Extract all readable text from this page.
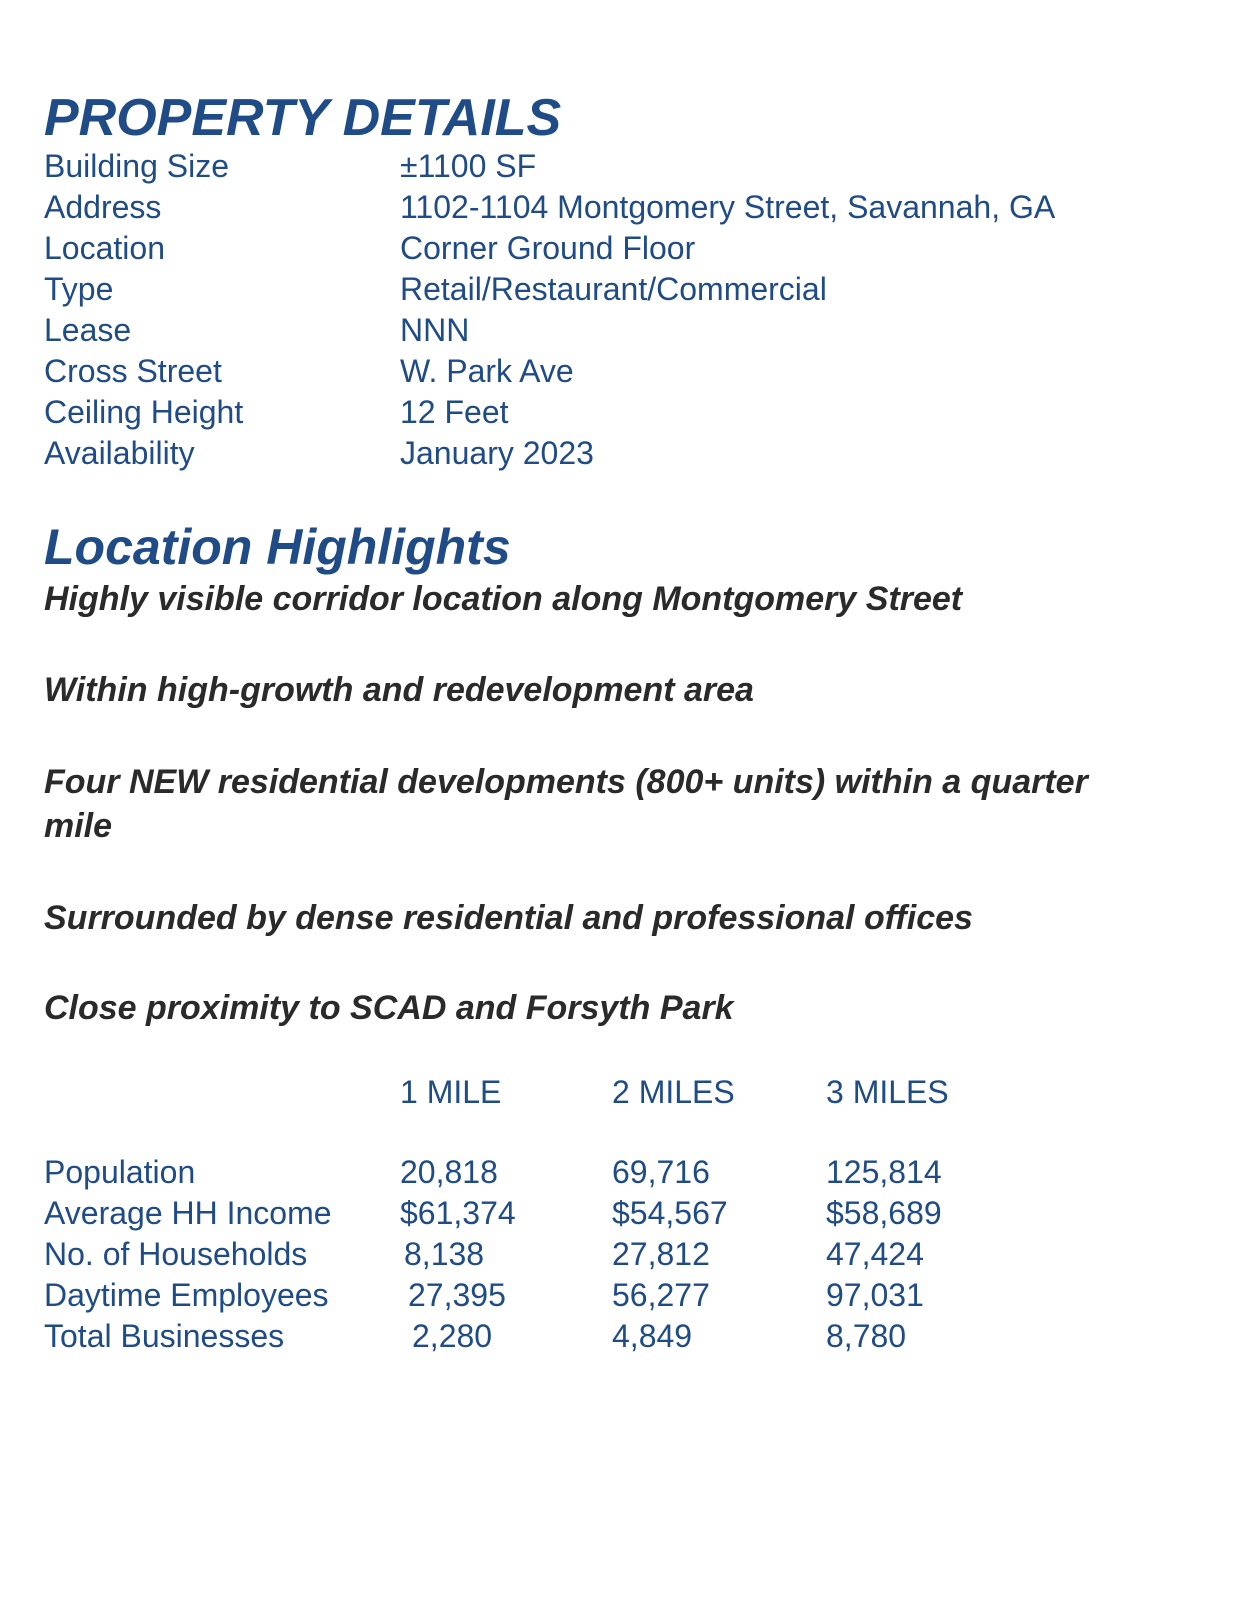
PROPERTY DETAILS
Building Size	±1100 SF
Address	1102-1104 Montgomery Street, Savannah, GA
Location	Corner Ground Floor
Type	Retail/Restaurant/Commercial
Lease	NNN
Cross Street	W. Park Ave
Ceiling Height	12 Feet
Availability	January 2023
Location Highlights

Highly visible corridor location along Montgomery Street

Within high-growth and redevelopment area

Four NEW residential developments (800+ units) within a quarter mile

Surrounded by dense residential and professional offices

Close proximity to SCAD and Forsyth Park

1 MILE	2 MILES	3 MILES
Population	20,818	69,716	125,814
Average HH Income $61,374	$54,567	$58,689
No. of Households	8,138	27,812	47,424
Daytime Employees 27,395	56,277	97,031
Total Businesses	2,280	4,849	8,780
